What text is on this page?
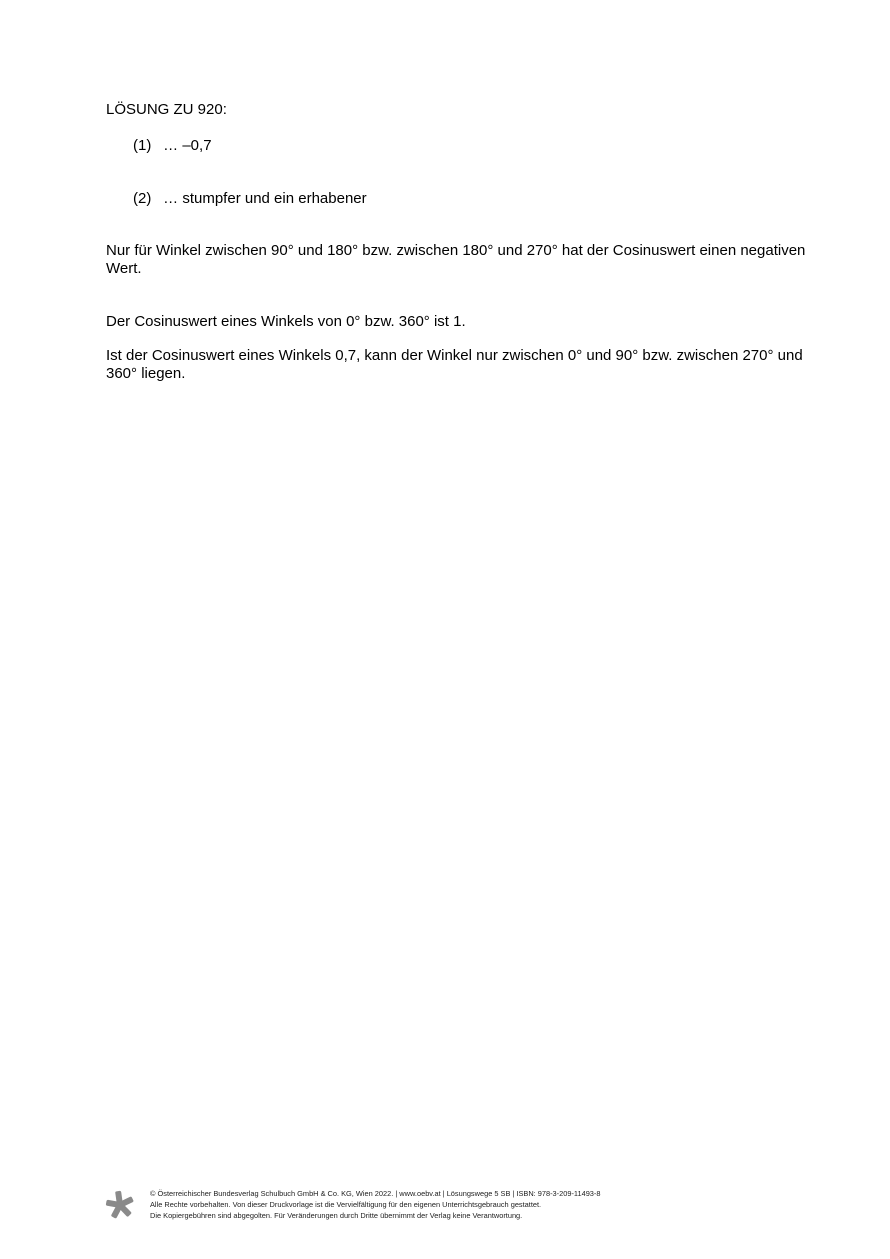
LÖSUNG ZU 920:
(1) … –0,7
(2) … stumpfer und ein erhabener

Nur für Winkel zwischen 90° und 180° bzw. zwischen 180° und 270° hat der Cosinuswert einen negativen Wert.

Der Cosinuswert eines Winkels von 0° bzw. 360° ist 1.

Ist der Cosinuswert eines Winkels 0,7, kann der Winkel nur zwischen 0° und 90° bzw. zwischen 270° und 360° liegen.

© Österreichischer Bundesverlag Schulbuch GmbH & Co. KG, Wien 2022. | www.oebv.at | Lösungswege 5 SB | ISBN: 978-3-209-11493-8
Alle Rechte vorbehalten. Von dieser Druckvorlage ist die Vervielfältigung für den eigenen Unterrichtsgebrauch gestattet.
Die Kopiergebühren sind abgegolten. Für Veränderungen durch Dritte übernimmt der Verlag keine Verantwortung.
